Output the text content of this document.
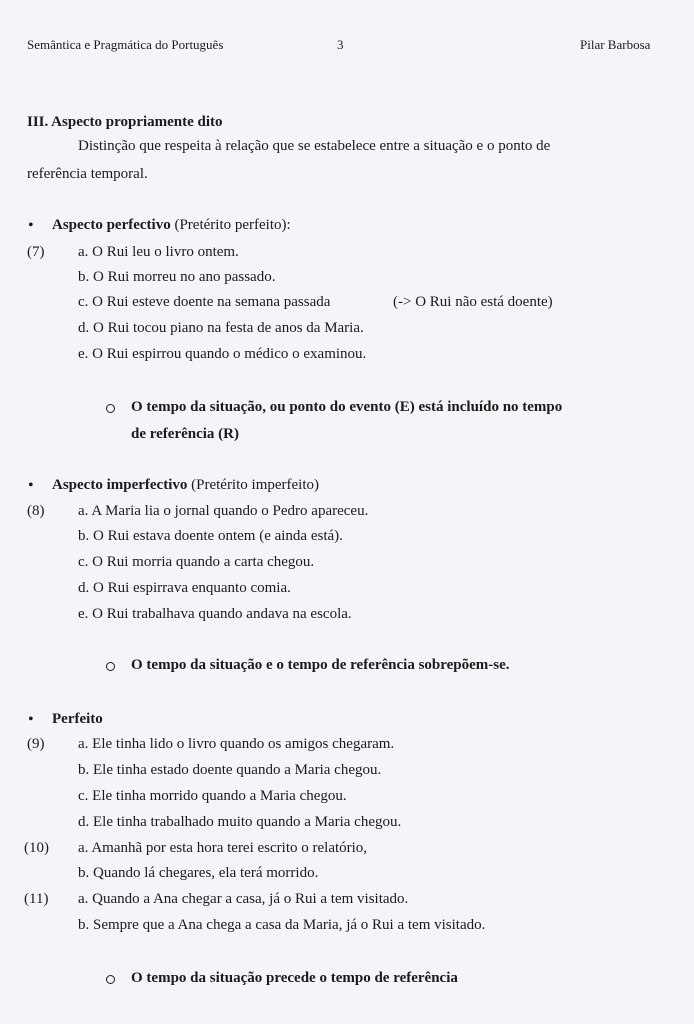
Semântica e Pragmática do Português	3	Pilar Barbosa
III. Aspecto propriamente dito
Distinção que respeita à relação que se estabelece entre a situação e o ponto de
referência temporal.
• Aspecto perfectivo (Pretérito perfeito):
(7) a. O Rui leu o livro ontem.
b. O Rui morreu no ano passado.
c. O Rui esteve doente na semana passada	(-> O Rui não está doente)
d. O Rui tocou piano na festa de anos da Maria.
e. O Rui espirrou quando o médico o examinou.
O tempo da situação, ou ponto do evento (E) está incluído no tempo
de referência (R)
• Aspecto imperfectivo (Pretérito imperfeito)
(8) a. A Maria lia o jornal quando o Pedro apareceu.
b. O Rui estava doente ontem (e ainda está).
c. O Rui morria quando a carta chegou.
d. O Rui espirrava enquanto comia.
e. O Rui trabalhava quando andava na escola.
O tempo da situação e o tempo de referência sobrepõem-se.
• Perfeito
(9) a. Ele tinha lido o livro quando os amigos chegaram.
b. Ele tinha estado doente quando a Maria chegou.
c. Ele tinha morrido quando a Maria chegou.
d. Ele tinha trabalhado muito quando a Maria chegou.
(10) a. Amanhã por esta hora terei escrito o relatório,
b. Quando lá chegares, ela terá morrido.
(11) a. Quando a Ana chegar a casa, já o Rui a tem visitado.
b. Sempre que a Ana chega a casa da Maria, já o Rui a tem visitado.
O tempo da situação precede o tempo de referência
